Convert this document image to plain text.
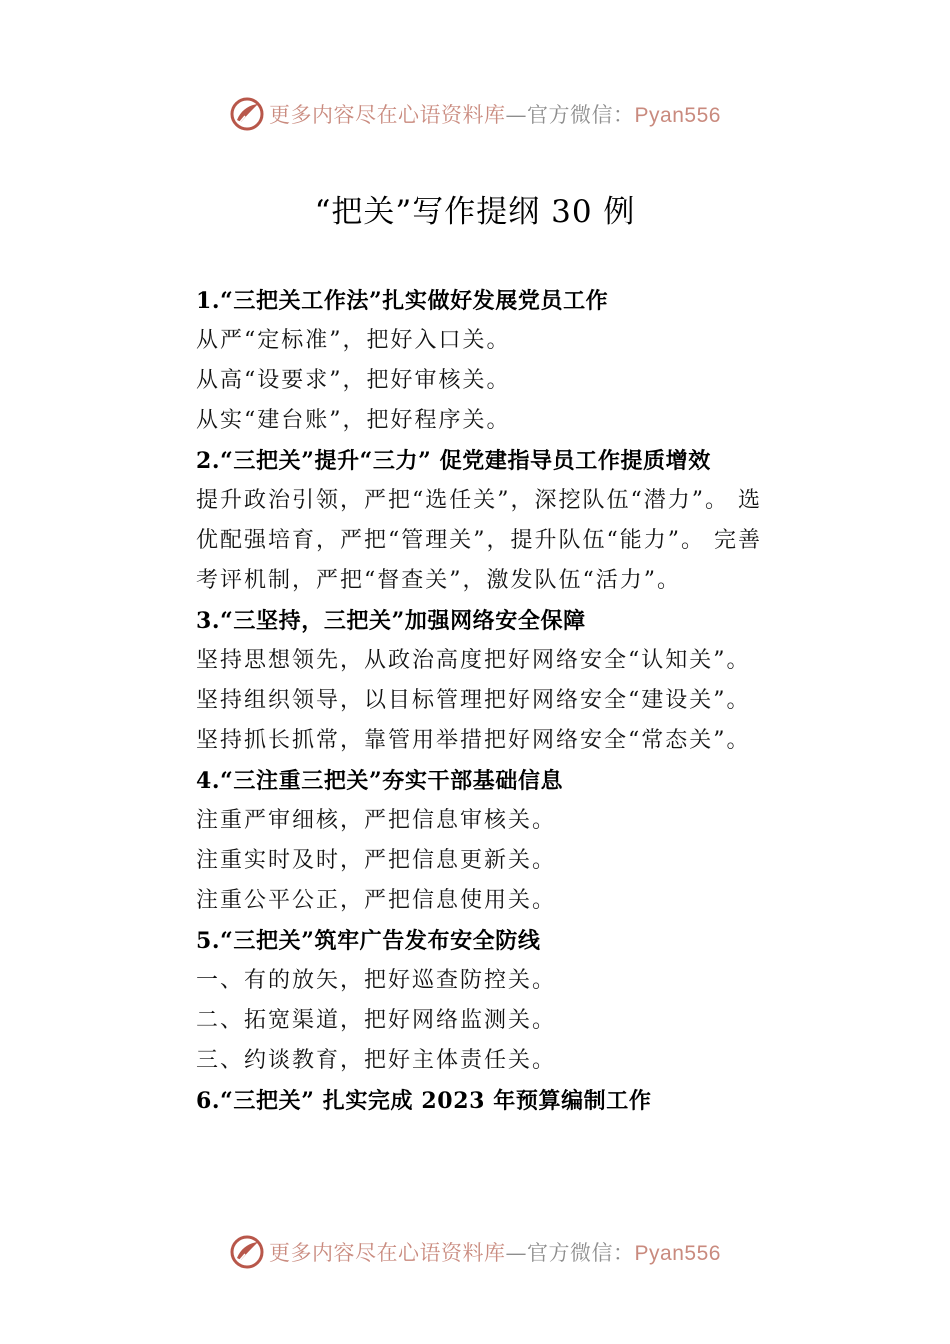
更多内容尽在心语资料库—官方微信：Pyan556
“把关”写作提纲 30 例
1.“三把关工作法”扎实做好发展党员工作
从严“定标准”，把好入口关。
从高“设要求”，把好审核关。
从实“建台账”，把好程序关。
2.“三把关”提升“三力” 促党建指导员工作提质增效
提升政治引领，严把“选任关”，深挖队伍“潜力”。 选
优配强培育，严把“管理关”，提升队伍“能力”。 完善
考评机制，严把“督查关”，激发队伍“活力”。
3.“三坚持，三把关”加强网络安全保障
坚持思想领先，从政治高度把好网络安全“认知关”。
坚持组织领导，以目标管理把好网络安全“建设关”。
坚持抓长抓常，靠管用举措把好网络安全“常态关”。
4.“三注重三把关”夯实干部基础信息
注重严审细核，严把信息审核关。
注重实时及时，严把信息更新关。
注重公平公正，严把信息使用关。
5.“三把关”筑牢广告发布安全防线
一、有的放矢，把好巡查防控关。
二、拓宽渠道，把好网络监测关。
三、约谈教育，把好主体责任关。
6.“三把关” 扎实完成 2023 年预算编制工作
更多内容尽在心语资料库—官方微信：Pyan556
